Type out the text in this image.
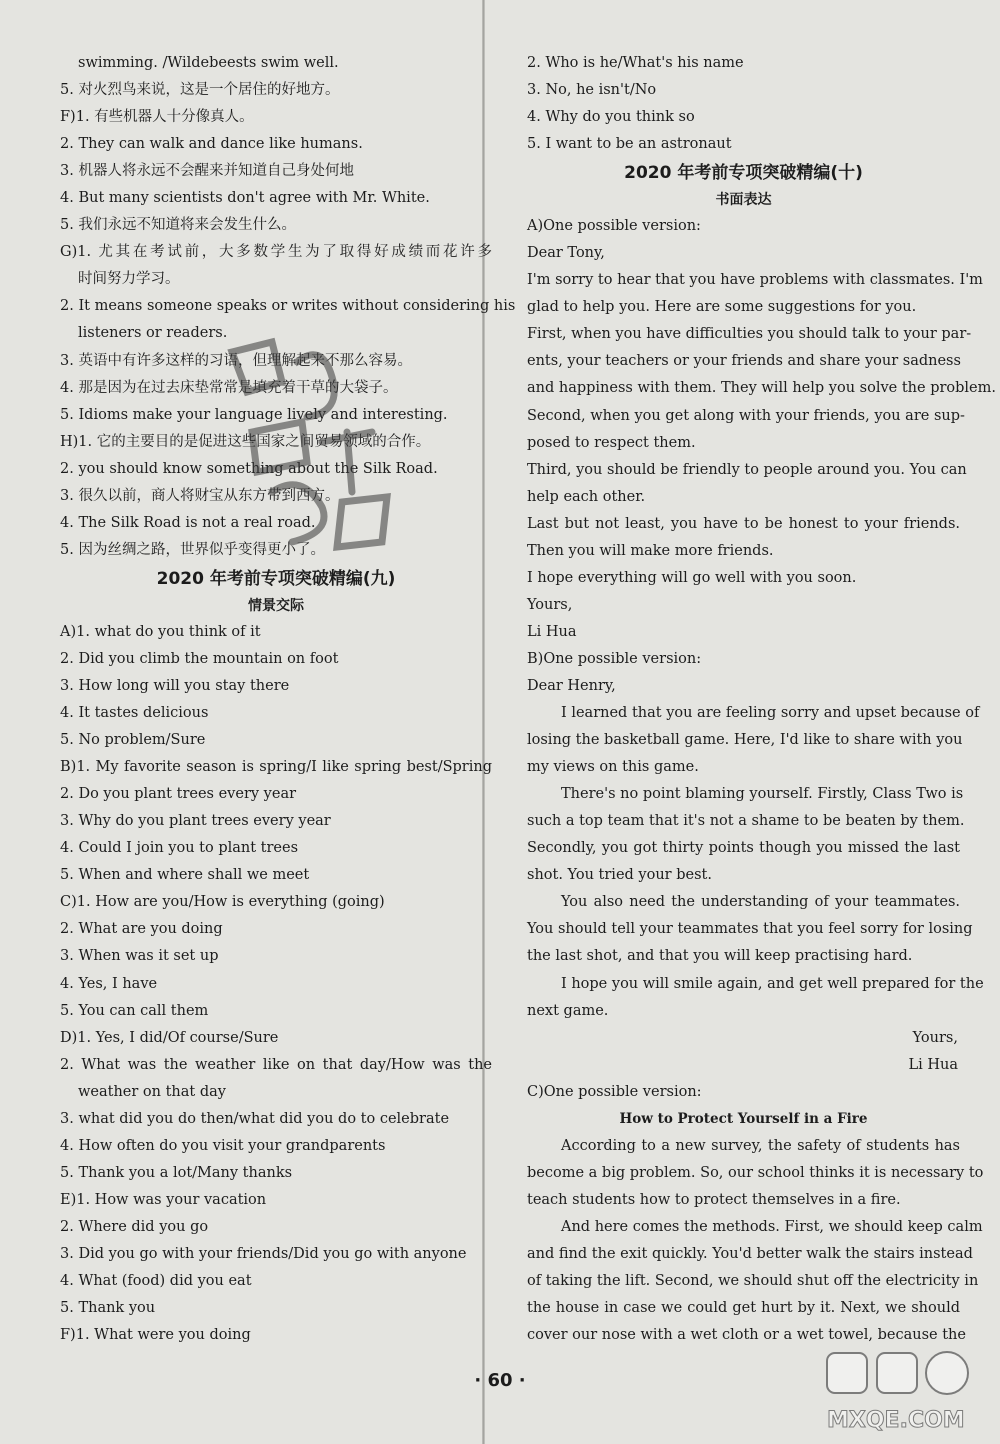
swimming. /Wildebeests swim well.
5. 对火烈鸟来说，这是一个居住的好地方。
F)1. 有些机器人十分像真人。
2. They can walk and dance like humans.
3. 机器人将永远不会醒来并知道自己身处何地
4. But many scientists don't agree with Mr. White.
5. 我们永远不知道将来会发生什么。
G)1. 尤其在考试前，大多数学生为了取得好成绩而花许多
时间努力学习。
2. It means someone speaks or writes without considering his
listeners or readers.
3. 英语中有许多这样的习语，但理解起来不那么容易。
4. 那是因为在过去床垫常常是填充着干草的大袋子。
5. Idioms make your language lively and interesting.
H)1. 它的主要目的是促进这些国家之间贸易领域的合作。
2. you should know something about the Silk Road.
3. 很久以前，商人将财宝从东方带到西方。
4. The Silk Road is not a real road.
5. 因为丝绸之路，世界似乎变得更小了。
2020 年考前专项突破精编(九)
情景交际
A)1. what do you think of it
2. Did you climb the mountain on foot
3. How long will you stay there
4. It tastes delicious
5. No problem/Sure
B)1. My favorite season is spring/I like spring best/Spring
2. Do you plant trees every year
3. Why do you plant trees every year
4. Could I join you to plant trees
5. When and where shall we meet
C)1. How are you/How is everything (going)
2. What are you doing
3. When was it set up
4. Yes, I have
5. You can call them
D)1. Yes, I did/Of course/Sure
2. What was the weather like on that day/How was the
weather on that day
3. what did you do then/what did you do to celebrate
4. How often do you visit your grandparents
5. Thank you a lot/Many thanks
E)1. How was your vacation
2. Where did you go
3. Did you go with your friends/Did you go with anyone
4. What (food) did you eat
5. Thank you
F)1. What were you doing
2. Who is he/What's his name
3. No, he isn't/No
4. Why do you think so
5. I want to be an astronaut
2020 年考前专项突破精编(十)
书面表达
A)One possible version:
Dear Tony,
I'm sorry to hear that you have problems with classmates. I'm
glad to help you. Here are some suggestions for you.
First, when you have difficulties you should talk to your par-
ents, your teachers or your friends and share your sadness
and happiness with them. They will help you solve the problem.
Second, when you get along with your friends, you are sup-
posed to respect them.
Third, you should be friendly to people around you. You can
help each other.
Last but not least, you have to be honest to your friends.
Then you will make more friends.
I hope everything will go well with you soon.
Yours,
Li Hua
B)One possible version:
Dear Henry,
I learned that you are feeling sorry and upset because of
losing the basketball game. Here, I'd like to share with you
my views on this game.
There's no point blaming yourself. Firstly, Class Two is
such a top team that it's not a shame to be beaten by them.
Secondly, you got thirty points though you missed the last
shot. You tried your best.
You also need the understanding of your teammates.
You should tell your teammates that you feel sorry for losing
the last shot, and that you will keep practising hard.
I hope you will smile again, and get well prepared for the
next game.
Yours,
Li Hua
C)One possible version:
How to Protect Yourself in a Fire
According to a new survey, the safety of students has
become a big problem. So, our school thinks it is necessary to
teach students how to protect themselves in a fire.
And here comes the methods. First, we should keep calm
and find the exit quickly. You'd better walk the stairs instead
of taking the lift. Second, we should shut off the electricity in
the house in case we could get hurt by it. Next, we should
cover our nose with a wet cloth or a wet towel, because the
MXQE.COM
· 60 ·
